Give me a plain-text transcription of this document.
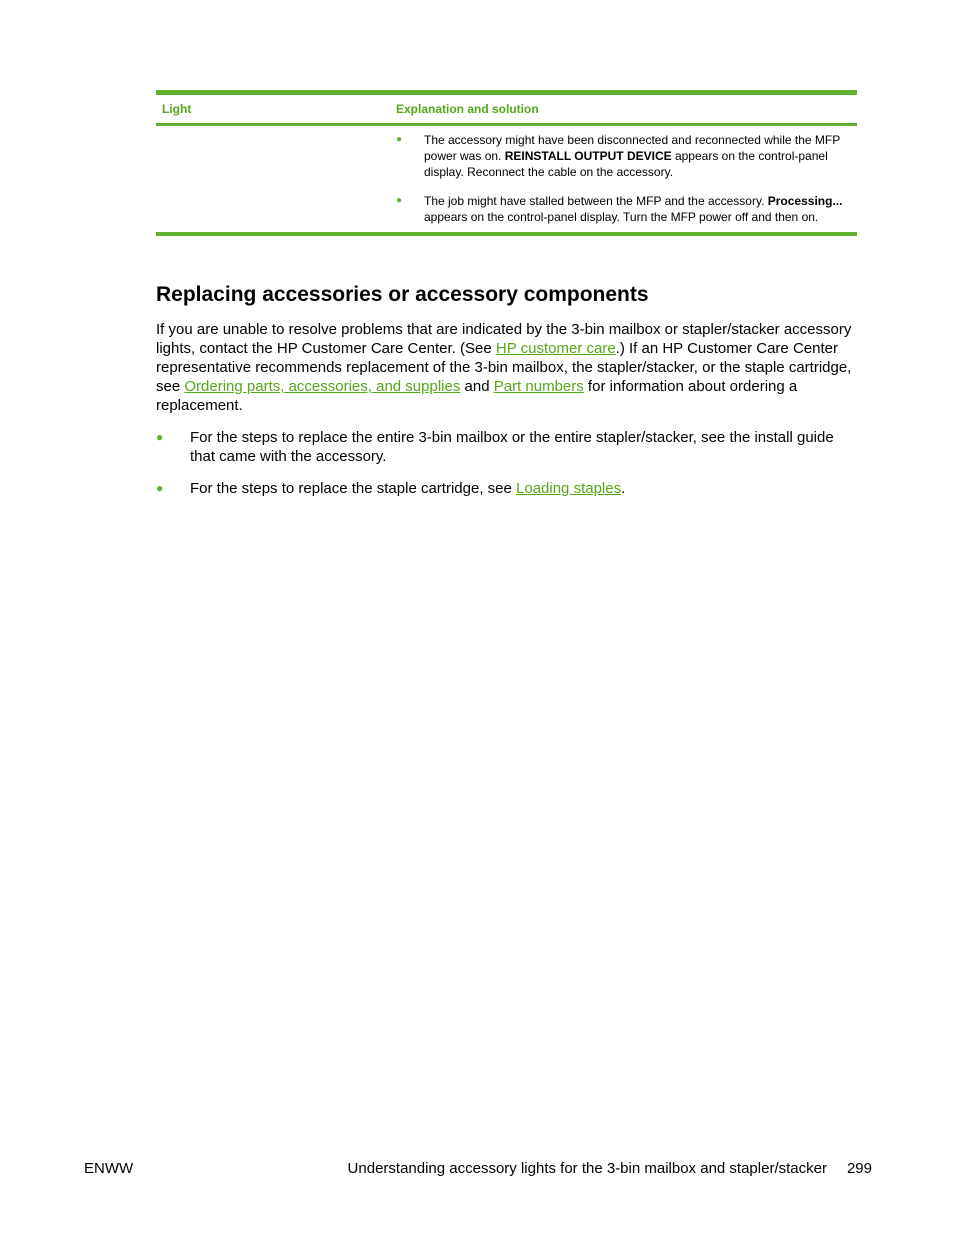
Light	Explanation and solution
● The accessory might have been disconnected and reconnected while the MFP power was on. REINSTALL OUTPUT DEVICE appears on the control-panel display. Reconnect the cable on the accessory.
● The job might have stalled between the MFP and the accessory. Processing... appears on the control-panel display. Turn the MFP power off and then on.
Replacing accessories or accessory components

If you are unable to resolve problems that are indicated by the 3-bin mailbox or stapler/stacker accessory lights, contact the HP Customer Care Center. (See HP customer care.) If an HP Customer Care Center representative recommends replacement of the 3-bin mailbox, the stapler/stacker, or the staple cartridge, see Ordering parts, accessories, and supplies and Part numbers for information about ordering a replacement.

● For the steps to replace the entire 3-bin mailbox or the entire stapler/stacker, see the install guide that came with the accessory.
● For the steps to replace the staple cartridge, see Loading staples.
ENWW	Understanding accessory lights for the 3-bin mailbox and stapler/stacker 299
